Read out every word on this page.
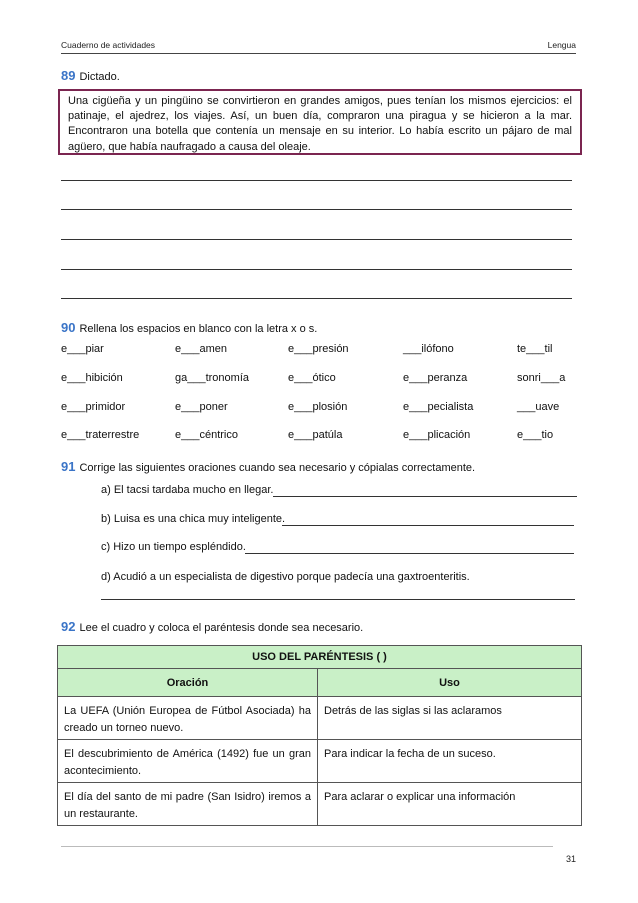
Cuaderno de actividades	Lengua
89 Dictado.
Una cigüeña y un pingüino se convirtieron en grandes amigos, pues tenían los mismos ejercicios: el patinaje, el ajedrez, los viajes. Así, un buen día, compraron una piragua y se hicieron a la mar. Encontraron una botella que contenía un mensaje en su interior. Lo había escrito un pájaro de mal agüero, que había naufragado a causa del oleaje.
90 Rellena los espacios en blanco con la letra x o s.
e___piar	e___amen	e___presión	___ilófono	te___til
e___hibición	ga___tronomía	e___ótico	e___peranza	sonri___a
e___primidor	e___poner	e___plosión	e___pecialista	___uave
e___traterrestre	e___céntrico	e___patúla	e___plicación	e___tio
91 Corrige las siguientes oraciones cuando sea necesario y cópialas correctamente.
a) El tacsi tardaba mucho en llegar.
b) Luisa es una chica muy inteligente.
c) Hizo un tiempo espléndido.
d) Acudió a un especialista de digestivo porque padecía una gaxtroenteritis.
92 Lee el cuadro y coloca el paréntesis donde sea necesario.
USO DEL PARÉNTESIS ( )	
Oración	Uso
La UEFA (Unión Europea de Fútbol Asociada) ha creado un torneo nuevo.	Detrás de las siglas si las aclaramos
El descubrimiento de América (1492) fue un gran acontecimiento.	Para indicar la fecha de un suceso.
El día del santo de mi padre (San Isidro) iremos a un restaurante.	Para aclarar o explicar una información
31
